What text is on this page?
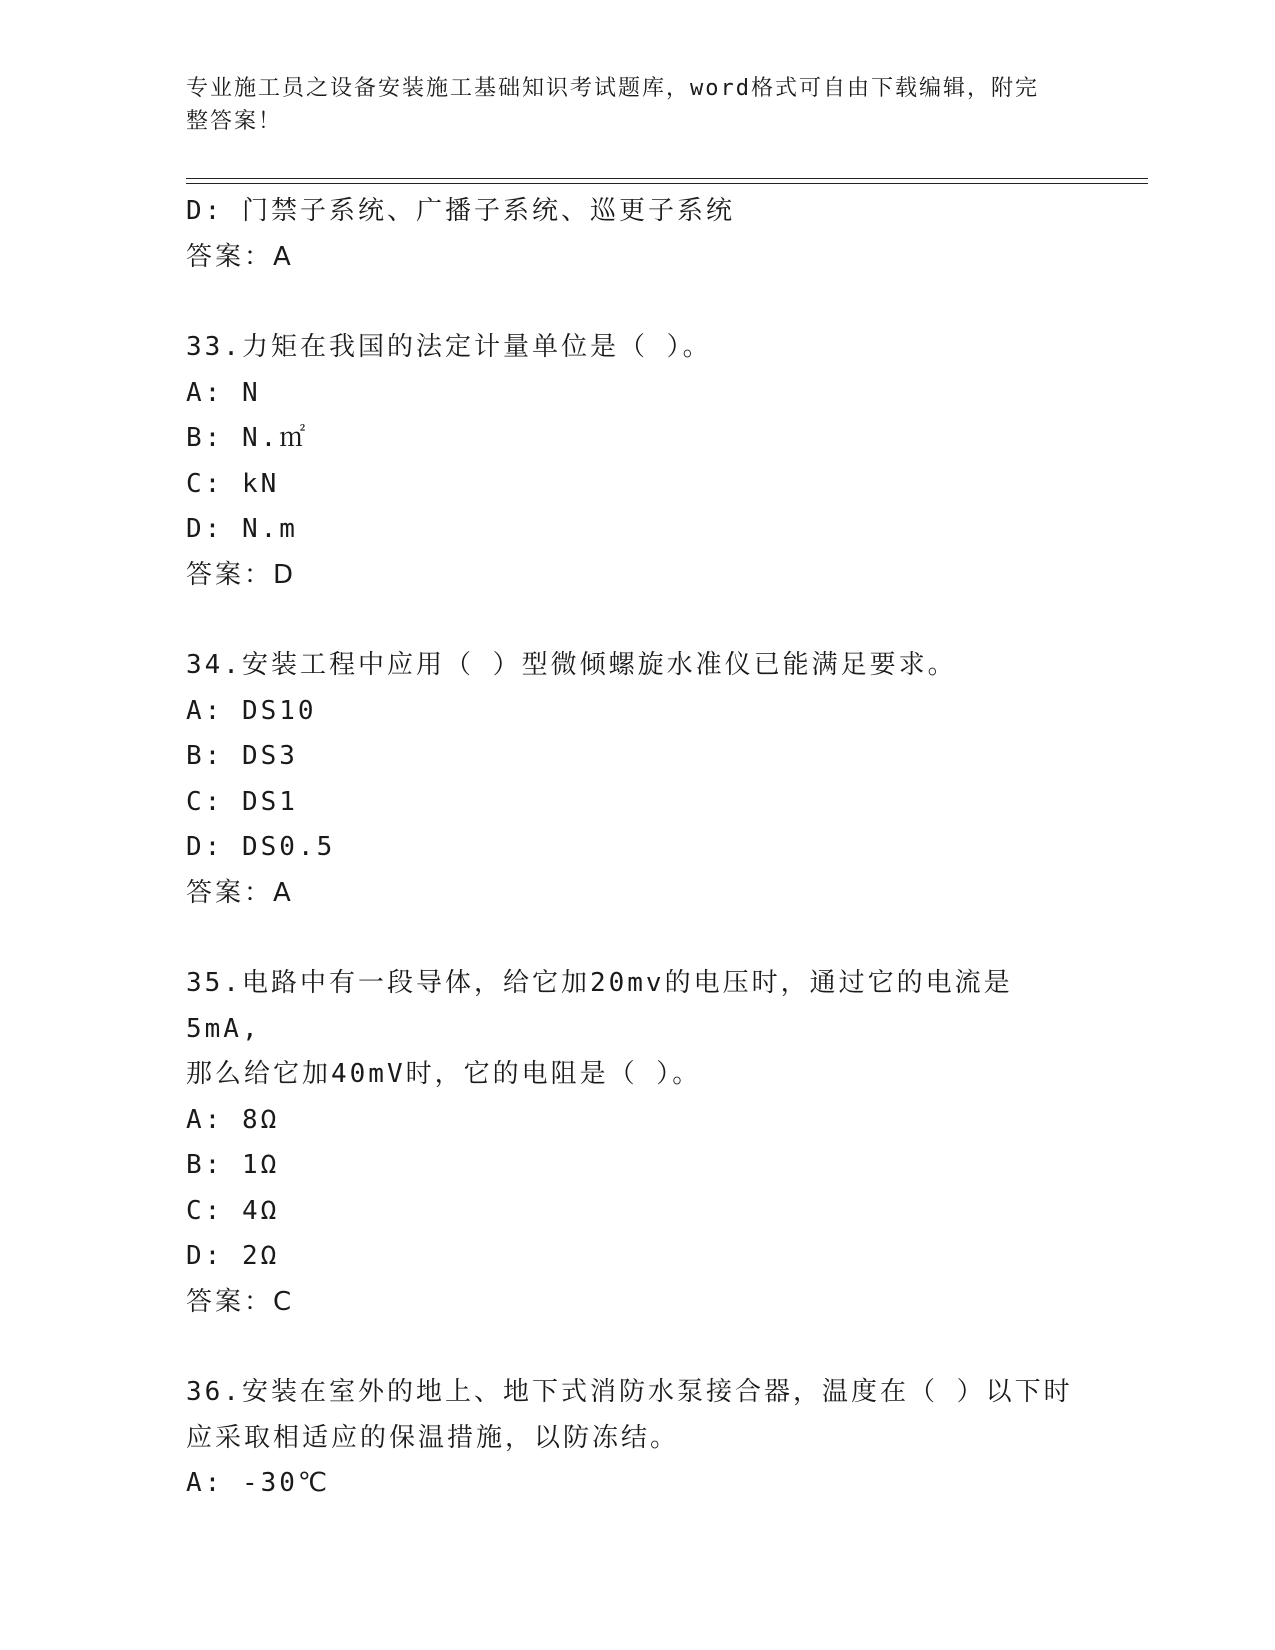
专业施工员之设备安装施工基础知识考试题库，word格式可自由下载编辑，附完
整答案！
D: 门禁子系统、广播子系统、巡更子系统
答案：A
33.力矩在我国的法定计量单位是（ ）。
A: N
B: N.㎡
C: kN
D: N.m
答案：D
34.安装工程中应用（ ）型微倾螺旋水准仪已能满足要求。
A: DS10
B: DS3
C: DS1
D: DS0.5
答案：A
35.电路中有一段导体，给它加20mv的电压时，通过它的电流是5mA,
那么给它加40mV时，它的电阻是（ ）。
A: 8Ω
B: 1Ω
C: 4Ω
D: 2Ω
答案：C
36.安装在室外的地上、地下式消防水泵接合器，温度在（ ）以下时
应采取相适应的保温措施，以防冻结。
A: -30℃
